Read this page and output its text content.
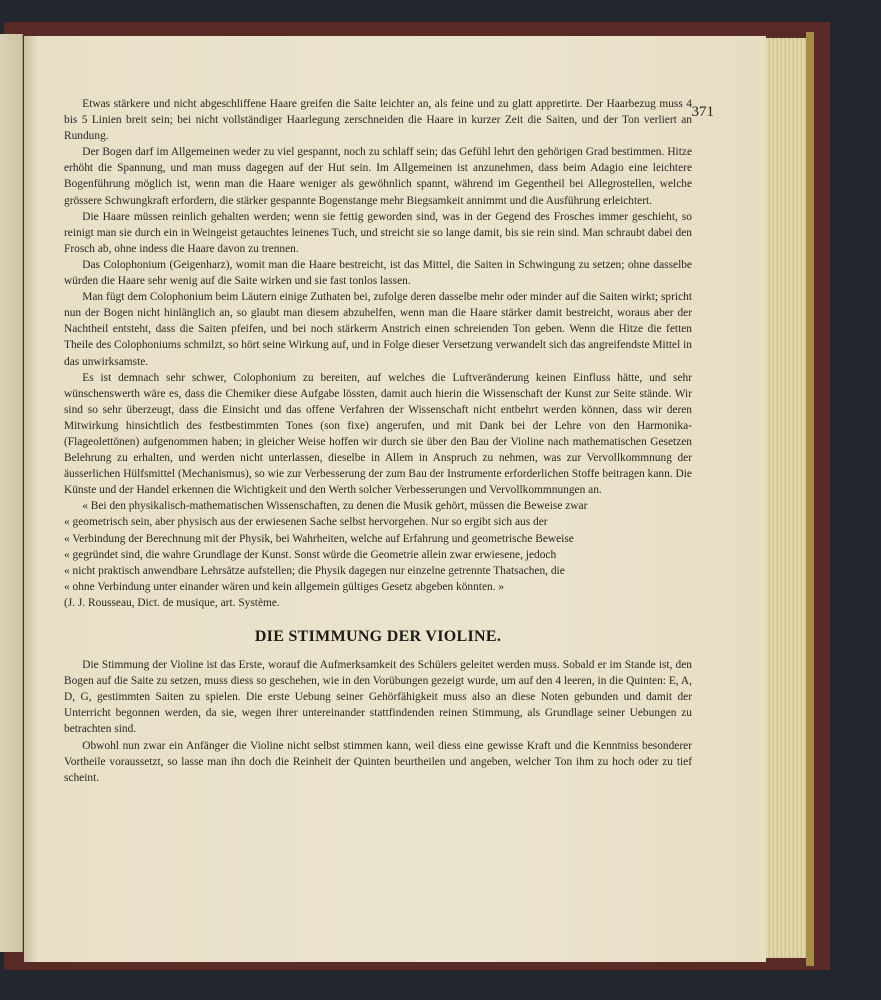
371

Etwas stärkere und nicht abgeschliffene Haare greifen die Saite leichter an, als feine und zu glatt appretirte. Der Haarbezug muss 4 bis 5 Linien breit sein; bei nicht vollständiger Haarlegung zerschneiden die Haare in kurzer Zeit die Saiten, und der Ton verliert an Rundung.

Der Bogen darf im Allgemeinen weder zu viel gespannt, noch zu schlaff sein; das Gefühl lehrt den gehörigen Grad bestimmen. Hitze erhöht die Spannung, und man muss dagegen auf der Hut sein. Im Allgemeinen ist anzunehmen, dass beim Adagio eine leichtere Bogenführung möglich ist, wenn man die Haare weniger als gewöhnlich spannt, während im Gegentheil bei Allegrostellen, welche grössere Schwungkraft erfordern, die stärker gespannte Bogenstange mehr Biegsamkeit annimmt und die Ausführung erleichtert.

Die Haare müssen reinlich gehalten werden; wenn sie fettig geworden sind, was in der Gegend des Frosches immer geschieht, so reinigt man sie durch ein in Weingeist getauchtes leinenes Tuch, und streicht sie so lange damit, bis sie rein sind. Man schraubt dabei den Frosch ab, ohne indess die Haare davon zu trennen.

Das Colophonium (Geigenharz), womit man die Haare bestreicht, ist das Mittel, die Saiten in Schwingung zu setzen; ohne dasselbe würden die Haare sehr wenig auf die Saite wirken und sie fast tonlos lassen.

Man fügt dem Colophonium beim Läutern einige Zuthaten bei, zufolge deren dasselbe mehr oder minder auf die Saiten wirkt; spricht nun der Bogen nicht hinlänglich an, so glaubt man diesem abzuhelfen, wenn man die Haare stärker damit bestreicht, woraus aber der Nachtheil entsteht, dass die Saiten pfeifen, und bei noch stärkerm Anstrich einen schreienden Ton geben. Wenn die Hitze die fetten Theile des Colophoniums schmilzt, so hört seine Wirkung auf, und in Folge dieser Versetzung verwandelt sich das angreifendste Mittel in das unwirksamste.

Es ist demnach sehr schwer, Colophonium zu bereiten, auf welches die Luftveränderung keinen Einfluss hätte, und sehr wünschenswerth wäre es, dass die Chemiker diese Aufgabe lössten, damit auch hierin die Wissenschaft der Kunst zur Seite stände. Wir sind so sehr überzeugt, dass die Einsicht und das offene Verfahren der Wissenschaft nicht entbehrt werden können, dass wir deren Mitwirkung hinsichtlich des festbestimmten Tones (son fixe) angerufen, und mit Dank bei der Lehre von den Harmonika- (Flageolettönen) aufgenommen haben; in gleicher Weise hoffen wir durch sie über den Bau der Violine nach mathematischen Gesetzen Belehrung zu erhalten, und werden nicht unterlassen, dieselbe in Allem in Anspruch zu nehmen, was zur Vervollkommnung der äusserlichen Hülfsmittel (Mechanismus), so wie zur Verbesserung der zum Bau der Instrumente erforderlichen Stoffe beitragen kann. Die Künste und der Handel erkennen die Wichtigkeit und den Werth solcher Verbesserungen und Vervollkommnungen an.

« Bei den physikalisch-mathematischen Wissenschaften, zu denen die Musik gehört, müssen die Beweise zwar

« geometrisch sein, aber physisch aus der erwiesenen Sache selbst hervorgehen. Nur so ergibt sich aus der

« Verbindung der Berechnung mit der Physik, bei Wahrheiten, welche auf Erfahrung und geometrische Beweise

« gegründet sind, die wahre Grundlage der Kunst. Sonst würde die Geometrie allein zwar erwiesene, jedoch

« nicht praktisch anwendbare Lehrsätze aufstellen; die Physik dagegen nur einzelne getrennte Thatsachen, die

« ohne Verbindung unter einander wären und kein allgemein gültiges Gesetz abgeben könnten. »

(J. J. Rousseau, Dict. de musique, art. Système.

DIE STIMMUNG DER VIOLINE.

Die Stimmung der Violine ist das Erste, worauf die Aufmerksamkeit des Schülers geleitet werden muss. Sobald er im Stande ist, den Bogen auf die Saite zu setzen, muss diess so geschehen, wie in den Vorübungen gezeigt wurde, um auf den 4 leeren, in die Quinten: E, A, D, G, gestimmten Saiten zu spielen. Die erste Uebung seiner Gehörfähigkeit muss also an diese Noten gebunden und damit der Unterricht begonnen werden, da sie, wegen ihrer untereinander stattfindenden reinen Stimmung, als Grundlage seiner Uebungen zu betrachten sind.

Obwohl nun zwar ein Anfänger die Violine nicht selbst stimmen kann, weil diess eine gewisse Kraft und die Kenntniss besonderer Vortheile voraussetzt, so lasse man ihn doch die Reinheit der Quinten beurtheilen und angeben, welcher Ton ihm zu hoch oder zu tief scheint.
